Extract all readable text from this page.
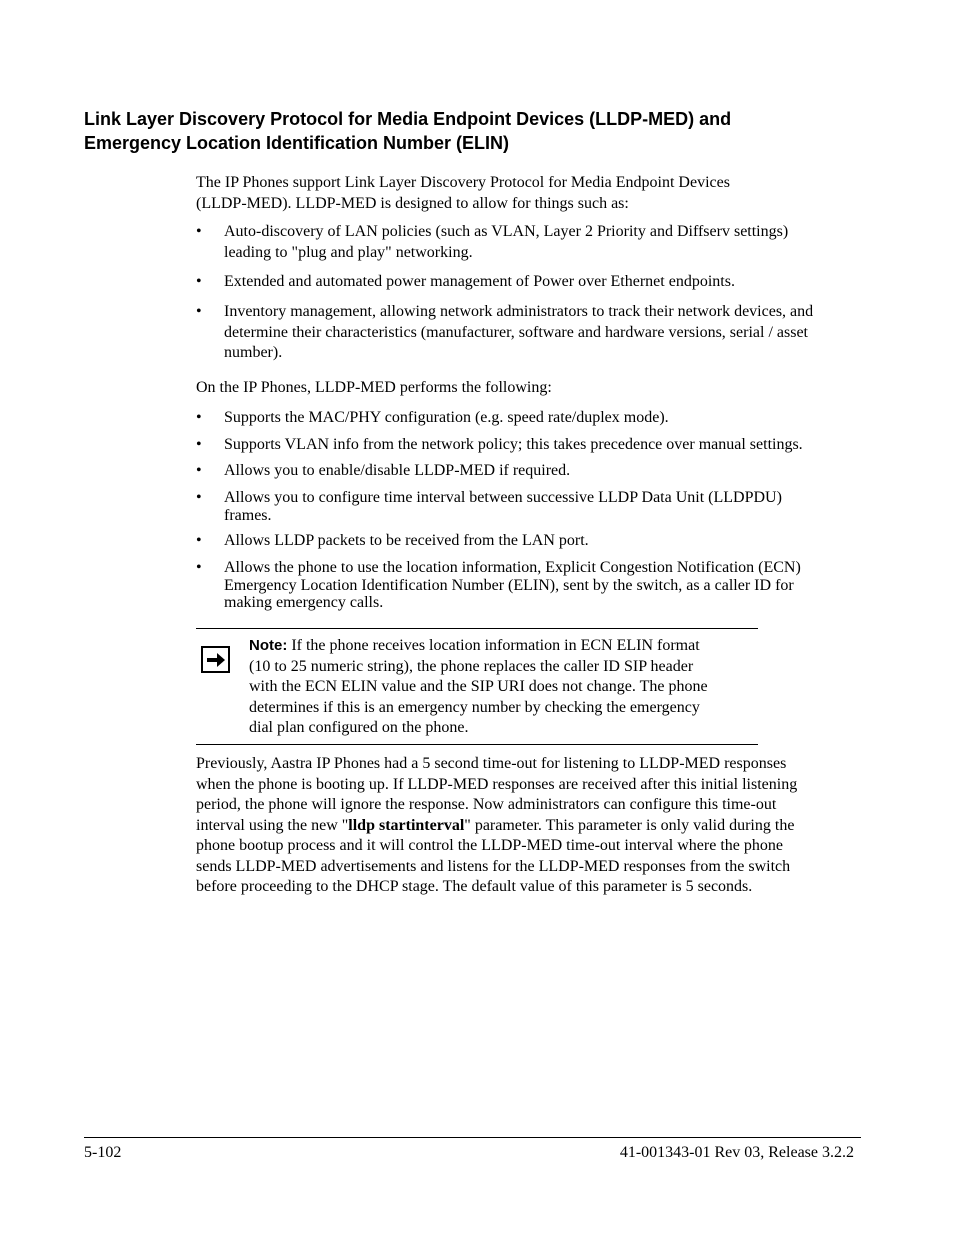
Link Layer Discovery Protocol for Media Endpoint Devices (LLDP-MED) and
Emergency Location Identification Number (ELIN)

The IP Phones support Link Layer Discovery Protocol for Media Endpoint Devices
(LLDP-MED). LLDP-MED is designed to allow for things such as:

• Auto-discovery of LAN policies (such as VLAN, Layer 2 Priority and Diffserv settings)
leading to "plug and play" networking.
• Extended and automated power management of Power over Ethernet endpoints.
• Inventory management, allowing network administrators to track their network devices, and
determine their characteristics (manufacturer, software and hardware versions, serial / asset
number).

On the IP Phones, LLDP-MED performs the following:

• Supports the MAC/PHY configuration (e.g. speed rate/duplex mode).
• Supports VLAN info from the network policy; this takes precedence over manual settings.
• Allows you to enable/disable LLDP-MED if required.
• Allows you to configure time interval between successive LLDP Data Unit (LLDPDU)
frames.
• Allows LLDP packets to be received from the LAN port.
• Allows the phone to use the location information, Explicit Congestion Notification (ECN)
Emergency Location Identification Number (ELIN), sent by the switch, as a caller ID for
making emergency calls.
Note: If the phone receives location information in ECN ELIN format
(10 to 25 numeric string), the phone replaces the caller ID SIP header
with the ECN ELIN value and the SIP URI does not change. The phone
determines if this is an emergency number by checking the emergency
dial plan configured on the phone.

Previously, Aastra IP Phones had a 5 second time-out for listening to LLDP-MED responses
when the phone is booting up. If LLDP-MED responses are received after this initial listening
period, the phone will ignore the response. Now administrators can configure this time-out
interval using the new "lldp startinterval" parameter. This parameter is only valid during the
phone bootup process and it will control the LLDP-MED time-out interval where the phone
sends LLDP-MED advertisements and listens for the LLDP-MED responses from the switch
before proceeding to the DHCP stage. The default value of this parameter is 5 seconds.

5-102	41-001343-01 Rev 03, Release 3.2.2
